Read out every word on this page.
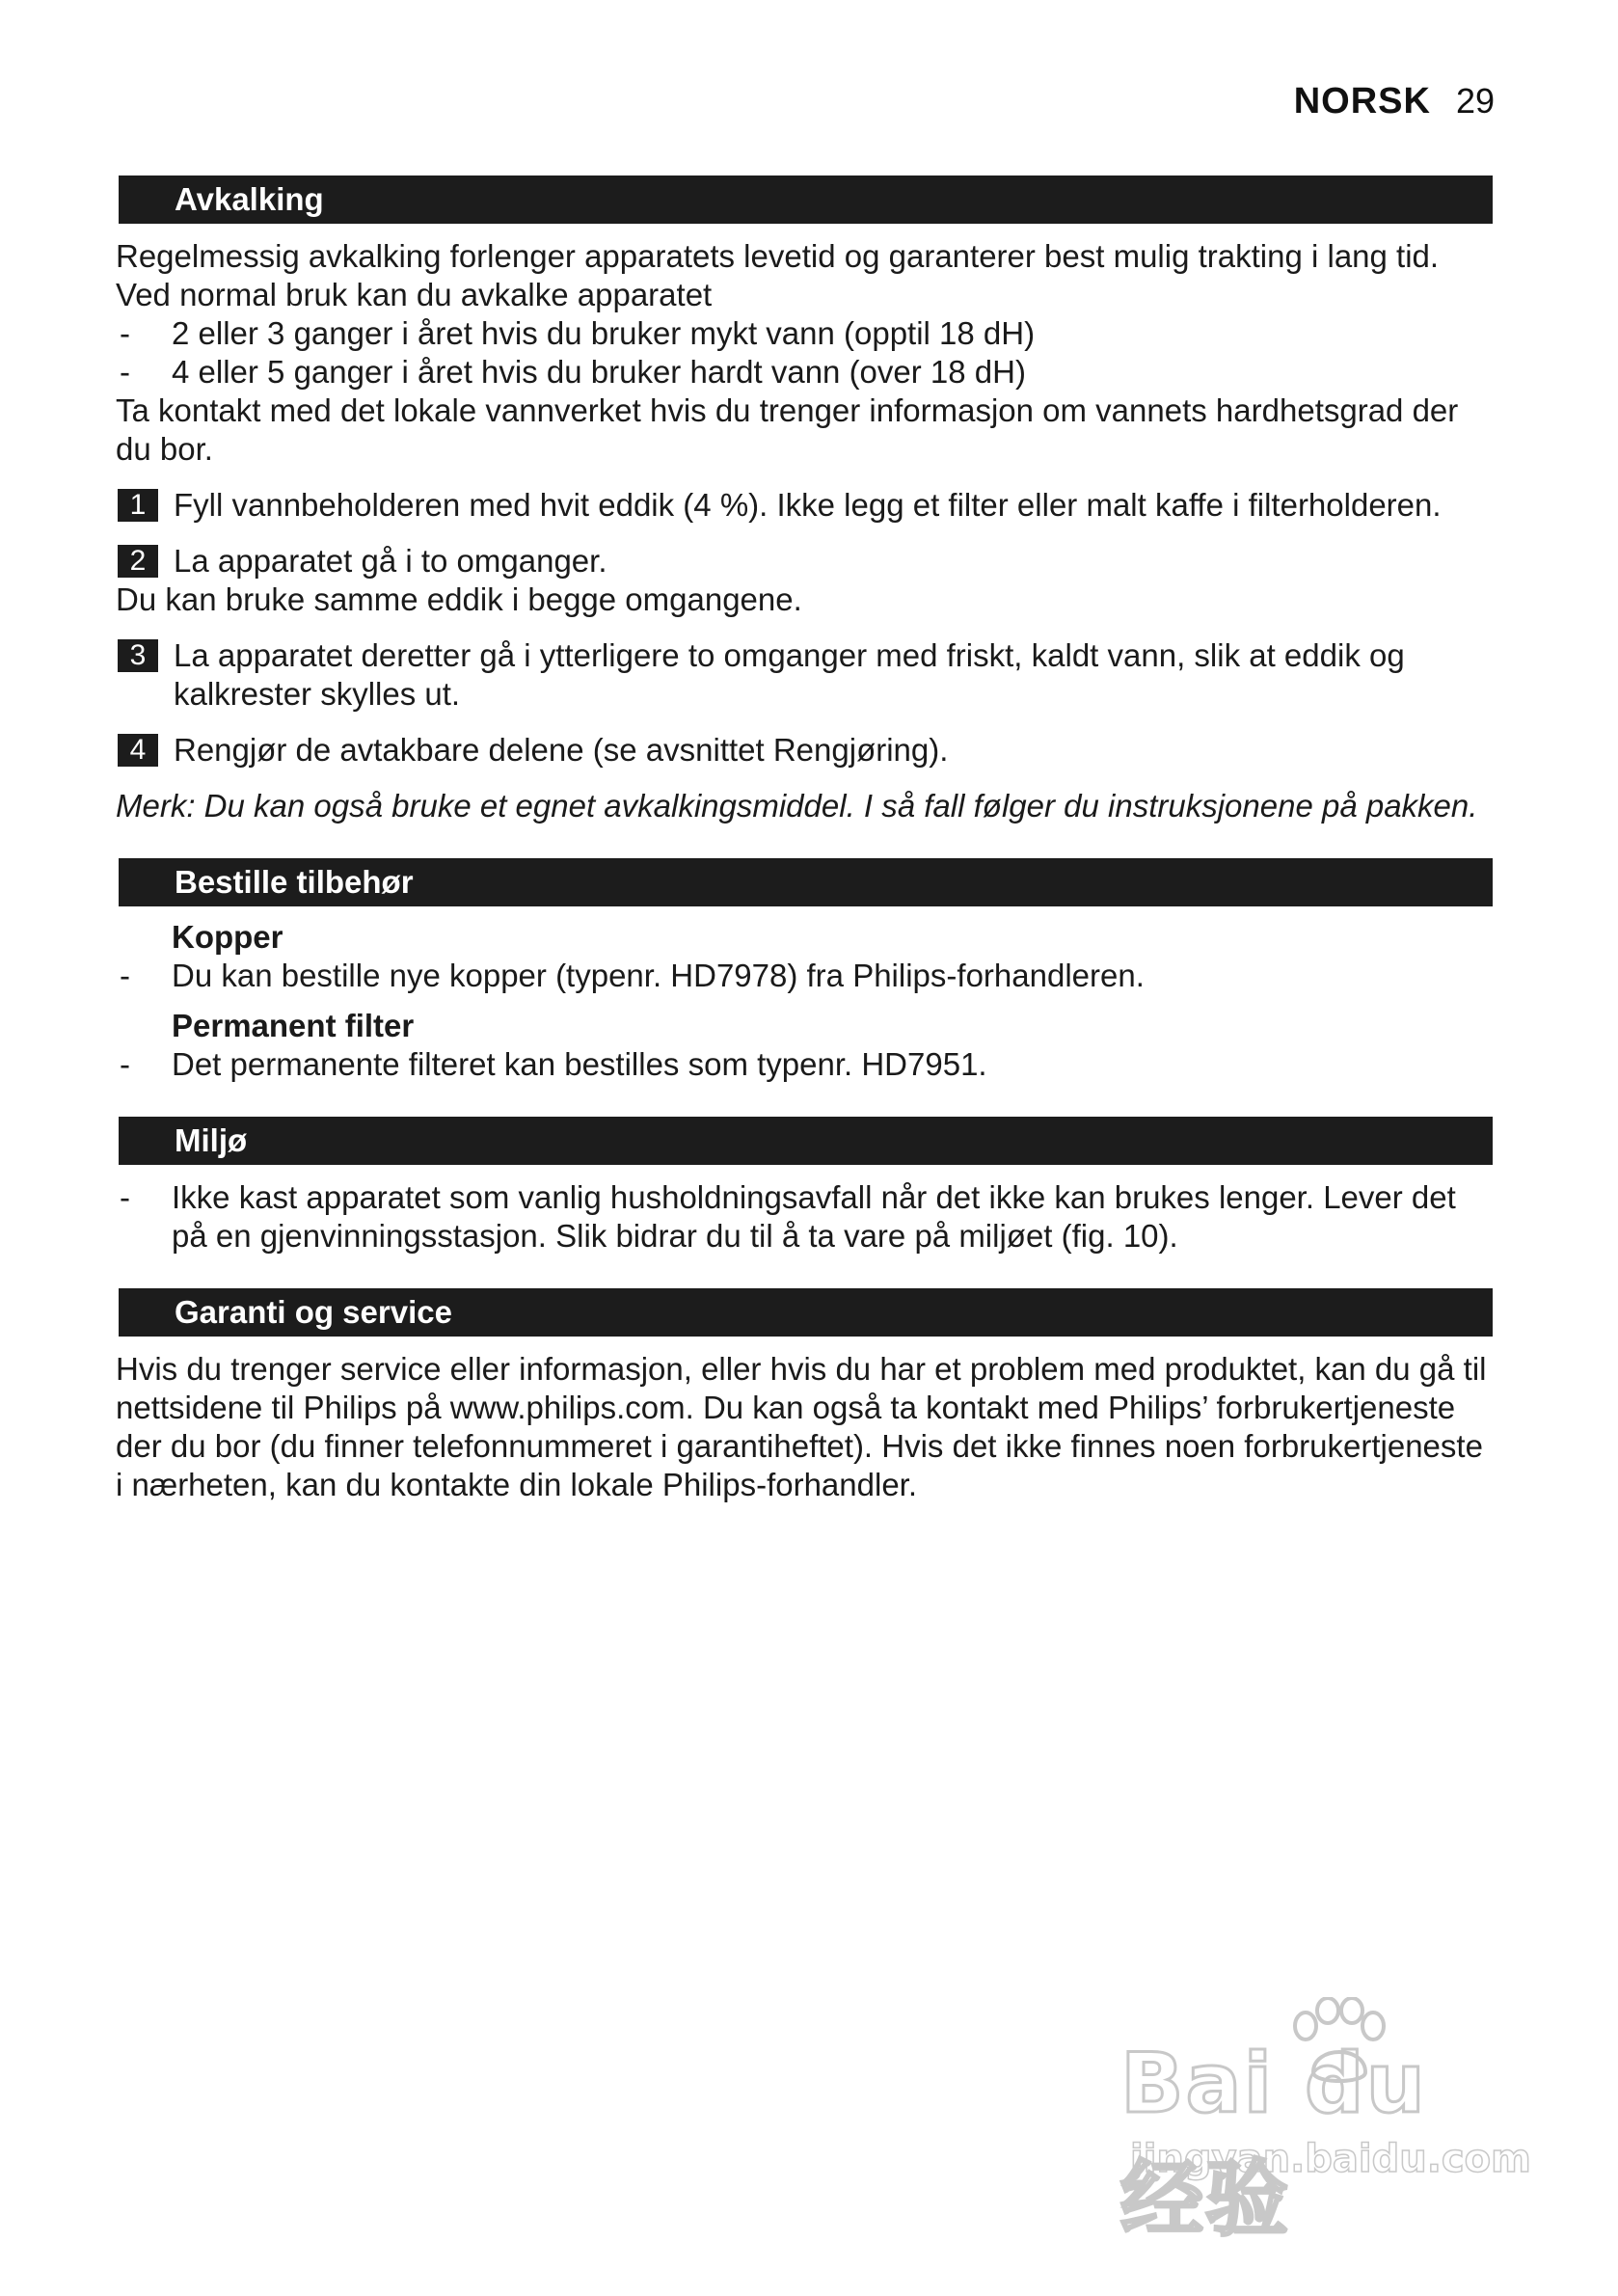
NORSK 29
Avkalking

Regelmessig avkalking forlenger apparatets levetid og garanterer best mulig trakting i lang tid.

Ved normal bruk kan du avkalke apparatet

- 2 eller 3 ganger i året hvis du bruker mykt vann (opptil 18 dH)
- 4 eller 5 ganger i året hvis du bruker hardt vann (over 18 dH)

Ta kontakt med det lokale vannverket hvis du trenger informasjon om vannets hardhetsgrad der du bor.

1 Fyll vannbeholderen med hvit eddik (4 %). Ikke legg et filter eller malt kaffe i filterholderen.
2 La apparatet gå i to omganger.

Du kan bruke samme eddik i begge omgangene.

3 La apparatet deretter gå i ytterligere to omganger med friskt, kaldt vann, slik at eddik og kalkrester skylles ut.
4 Rengjør de avtakbare delene (se avsnittet Rengjøring).

Merk: Du kan også bruke et egnet avkalkingsmiddel. I så fall følger du instruksjonene på pakken.

Bestille tilbehør

Kopper

- Du kan bestille nye kopper (typenr. HD7978) fra Philips-forhandleren.

Permanent filter

- Det permanente filteret kan bestilles som typenr. HD7951.
Miljø
- Ikke kast apparatet som vanlig husholdningsavfall når det ikke kan brukes lenger. Lever det på en gjenvinningsstasjon. Slik bidrar du til å ta vare på miljøet (fig. 10).
Garanti og service

Hvis du trenger service eller informasjon, eller hvis du har et problem med produktet, kan du gå til nettsidene til Philips på www.philips.com. Du kan også ta kontakt med Philips’ forbrukertjeneste der du bor (du finner telefonnummeret i garantiheftet). Hvis det ikke finnes noen forbrukertjeneste i nærheten, kan du kontakte din lokale Philips-forhandler.

Bai du 经验
jingyan.baidu.com
